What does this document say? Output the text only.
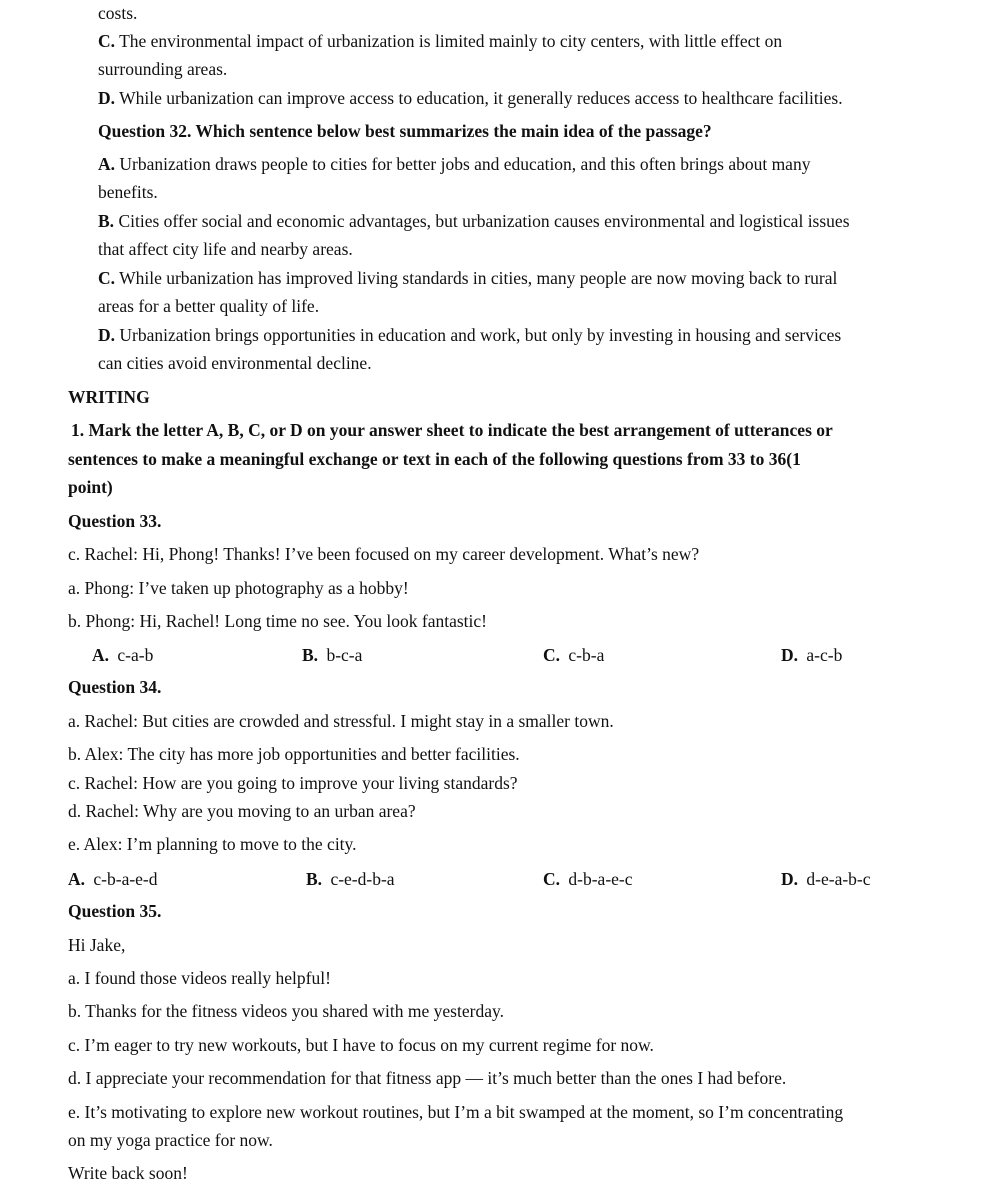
costs.
C. The environmental impact of urbanization is limited mainly to city centers, with little effect on
surrounding areas.
D. While urbanization can improve access to education, it generally reduces access to healthcare facilities.
Question 32. Which sentence below best summarizes the main idea of the passage?
A. Urbanization draws people to cities for better jobs and education, and this often brings about many
benefits.
B. Cities offer social and economic advantages, but urbanization causes environmental and logistical issues
that affect city life and nearby areas.
C. While urbanization has improved living standards in cities, many people are now moving back to rural
areas for a better quality of life.
D. Urbanization brings opportunities in education and work, but only by investing in housing and services
can cities avoid environmental decline.
WRITING
1. Mark the letter A, B, C, or D on your answer sheet to indicate the best arrangement of utterances or
sentences to make a meaningful exchange or text in each of the following questions from 33 to 36(1
point)
Question 33.
c. Rachel: Hi, Phong! Thanks! I’ve been focused on my career development. What’s new?
a. Phong: I’ve taken up photography as a hobby!
b. Phong: Hi, Rachel! Long time no see. You look fantastic!
A. c-a-b	B. b-c-a	C. c-b-a	D. a-c-b
Question 34.
a. Rachel: But cities are crowded and stressful. I might stay in a smaller town.
b. Alex: The city has more job opportunities and better facilities.
c. Rachel: How are you going to improve your living standards?
d. Rachel: Why are you moving to an urban area?
e. Alex: I’m planning to move to the city.
A. c-b-a-e-d	B. c-e-d-b-a	C. d-b-a-e-c	D. d-e-a-b-c
Question 35.
Hi Jake,
a. I found those videos really helpful!
b. Thanks for the fitness videos you shared with me yesterday.
c. I’m eager to try new workouts, but I have to focus on my current regime for now.
d. I appreciate your recommendation for that fitness app — it’s much better than the ones I had before.
e. It’s motivating to explore new workout routines, but I’m a bit swamped at the moment, so I’m concentrating
on my yoga practice for now.
Write back soon!
